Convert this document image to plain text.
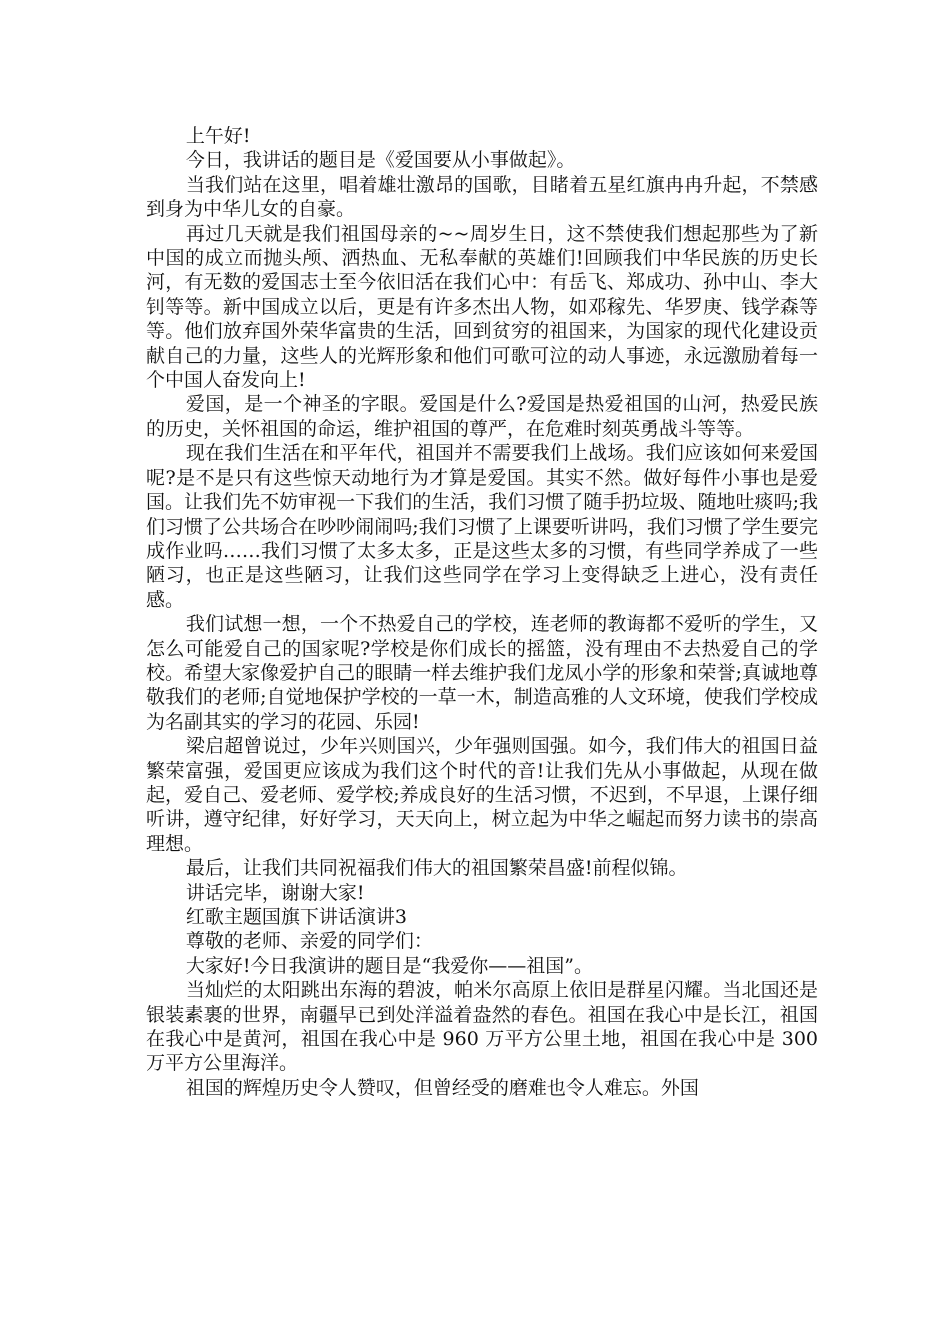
上午好!

今日，我讲话的题目是《爱国要从小事做起》。

当我们站在这里，唱着雄壮激昂的国歌，目睹着五星红旗冉冉升起，不禁感到身为中华儿女的自豪。

再过几天就是我们祖国母亲的~~周岁生日，这不禁使我们想起那些为了新中国的成立而抛头颅、洒热血、无私奉献的英雄们!回顾我们中华民族的历史长河，有无数的爱国志士至今依旧活在我们心中：有岳飞、郑成功、孙中山、李大钊等等。新中国成立以后，更是有许多杰出人物，如邓稼先、华罗庚、钱学森等等。他们放弃国外荣华富贵的生活，回到贫穷的祖国来，为国家的现代化建设贡献自己的力量，这些人的光辉形象和他们可歌可泣的动人事迹，永远激励着每一个中国人奋发向上!

爱国，是一个神圣的字眼。爱国是什么?爱国是热爱祖国的山河，热爱民族的历史，关怀祖国的命运，维护祖国的尊严，在危难时刻英勇战斗等等。

现在我们生活在和平年代，祖国并不需要我们上战场。我们应该如何来爱国呢?是不是只有这些惊天动地行为才算是爱国。其实不然。做好每件小事也是爱国。让我们先不妨审视一下我们的生活，我们习惯了随手扔垃圾、随地吐痰吗;我们习惯了公共场合在吵吵闹闹吗;我们习惯了上课要听讲吗，我们习惯了学生要完成作业吗……我们习惯了太多太多，正是这些太多的习惯，有些同学养成了一些陋习，也正是这些陋习，让我们这些同学在学习上变得缺乏上进心，没有责任感。

我们试想一想，一个不热爱自己的学校，连老师的教诲都不爱听的学生，又怎么可能爱自己的国家呢?学校是你们成长的摇篮，没有理由不去热爱自己的学校。希望大家像爱护自己的眼睛一样去维护我们龙凤小学的形象和荣誉;真诚地尊敬我们的老师;自觉地保护学校的一草一木，制造高雅的人文环境，使我们学校成为名副其实的学习的花园、乐园!

梁启超曾说过，少年兴则国兴，少年强则国强。如今，我们伟大的祖国日益繁荣富强，爱国更应该成为我们这个时代的音!让我们先从小事做起，从现在做起，爱自己、爱老师、爱学校;养成良好的生活习惯，不迟到，不早退，上课仔细听讲，遵守纪律，好好学习，天天向上，树立起为中华之崛起而努力读书的崇高理想。

最后，让我们共同祝福我们伟大的祖国繁荣昌盛!前程似锦。

讲话完毕，谢谢大家!

红歌主题国旗下讲话演讲3

尊敬的老师、亲爱的同学们：

大家好!今日我演讲的题目是“我爱你——祖国”。

当灿烂的太阳跳出东海的碧波，帕米尔高原上依旧是群星闪耀。当北国还是银装素裹的世界，南疆早已到处洋溢着盎然的春色。祖国在我心中是长江，祖国在我心中是黄河，祖国在我心中是 960 万平方公里土地，祖国在我心中是 300 万平方公里海洋。

祖国的辉煌历史令人赞叹，但曾经受的磨难也令人难忘。外国
